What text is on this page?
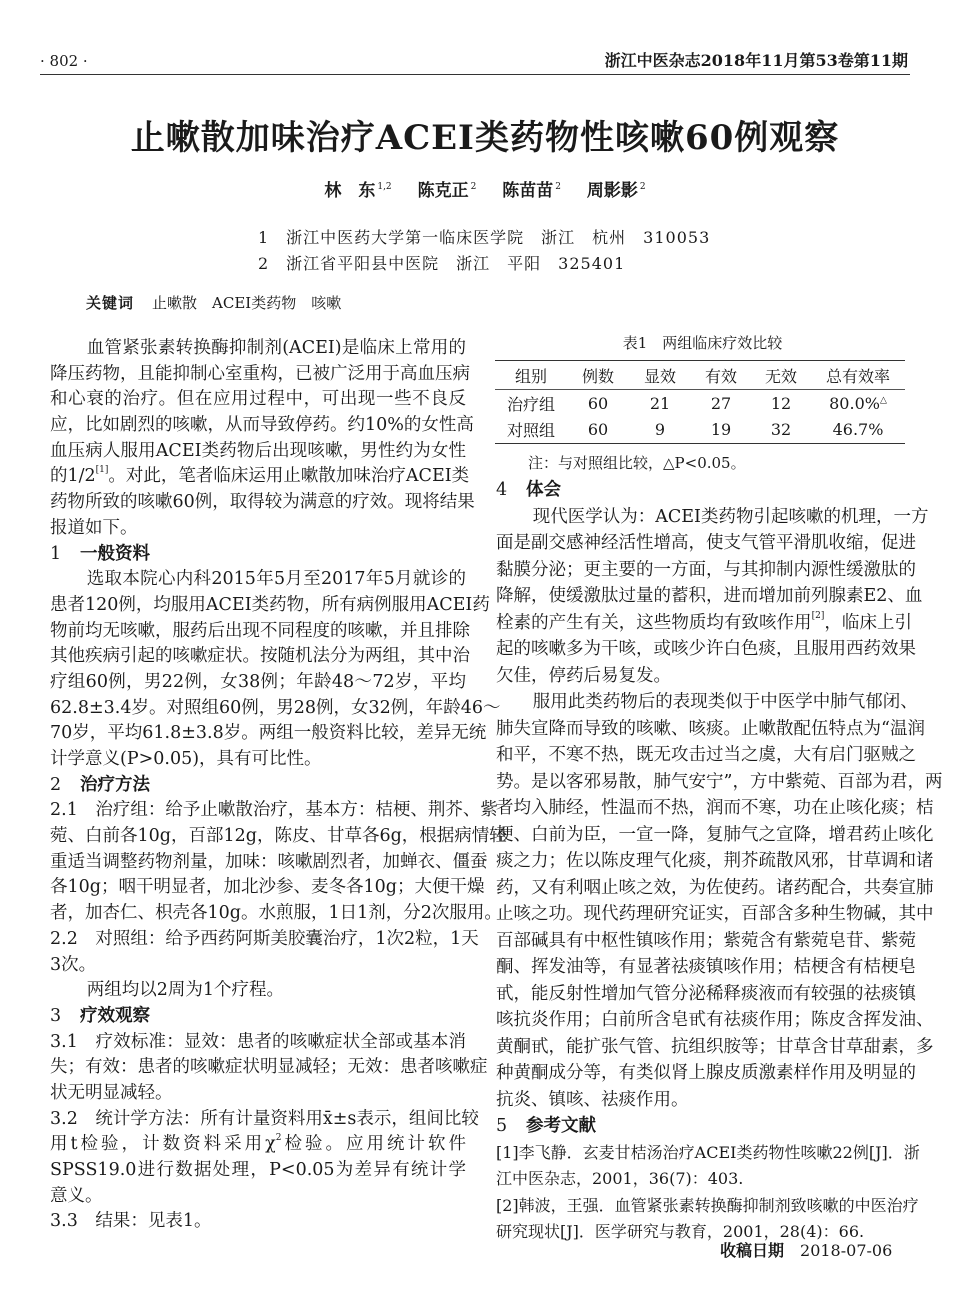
· 802 ·	浙江中医杂志2018年11月第53卷第11期
止嗽散加味治疗ACEI类药物性咳嗽60例观察
林　东 $^{1,2}$ 陈克正 $^2$ 陈苗苗 $^2$ 周影影 $^2$
1　浙江中医药大学第一临床医学院　浙江　杭州　310053
2　浙江省平阳县中医院　浙江　平阳　325401
关键词 止嗽散　ACEI类药物　咳嗽
血管紧张素转换酶抑制剂(ACEI)是临床上常用的
降压药物，且能抑制心室重构，已被广泛用于高血压病
和心衰的治疗。但在应用过程中，可出现一些不良反
应，比如剧烈的咳嗽，从而导致停药。约10%的女性高
血压病人服用ACEI类药物后出现咳嗽，男性约为女性
的1/2[1]。对此，笔者临床运用止嗽散加味治疗ACEI类
药物所致的咳嗽60例，取得较为满意的疗效。现将结果
报道如下。
1 一般资料
选取本院心内科2015年5月至2017年5月就诊的
患者120例，均服用ACEI类药物，所有病例服用ACEI药
物前均无咳嗽，服药后出现不同程度的咳嗽，并且排除
其他疾病引起的咳嗽症状。按随机法分为两组，其中治
疗组60例，男22例，女38例；年龄48～72岁，平均
62.8±3.4岁。对照组60例，男28例，女32例，年龄46～
70岁，平均61.8±3.8岁。两组一般资料比较，差异无统
计学意义(P>0.05)，具有可比性。
2 治疗方法
2.1　治疗组：给予止嗽散治疗，基本方：桔梗、荆芥、紫
菀、白前各10g，百部12g，陈皮、甘草各6g，根据病情轻
重适当调整药物剂量，加味：咳嗽剧烈者，加蝉衣、僵蚕
各10g；咽干明显者，加北沙参、麦冬各10g；大便干燥
者，加杏仁、枳壳各10g。水煎服，1日1剂，分2次服用。
2.2　对照组：给予西药阿斯美胶囊治疗，1次2粒，1天
3次。
两组均以2周为1个疗程。
3 疗效观察
3.1　疗效标准：显效：患者的咳嗽症状全部或基本消
失；有效：患者的咳嗽症状明显减轻；无效：患者咳嗽症
状无明显减轻。
3.2　统计学方法：所有计量资料用x̄±s表示，组间比较
用t检验，计数资料采用$\chi^2$检验。应用统计软件
SPSS19.0进行数据处理，P<0.05为差异有统计学
意义。
3.3　结果：见表1。
表1　两组临床疗效比较
组别	例数	显效	有效	无效	总有效率
治疗组	60	21	27	12	80.0%△
对照组	60	9	19	32	46.7%
注：与对照组比较，△P<0.05。
4 体会
现代医学认为：ACEI类药物引起咳嗽的机理，一方
面是副交感神经活性增高，使支气管平滑肌收缩，促进
黏膜分泌；更主要的一方面，与其抑制内源性缓激肽的
降解，使缓激肽过量的蓄积，进而增加前列腺素E2、血
栓素的产生有关，这些物质均有致咳作用[2]，临床上引
起的咳嗽多为干咳，或咳少许白色痰，且服用西药效果
欠佳，停药后易复发。
服用此类药物后的表现类似于中医学中肺气郁闭、
肺失宣降而导致的咳嗽、咳痰。止嗽散配伍特点为“温润
和平，不寒不热，既无攻击过当之虞，大有启门驱贼之
势。是以客邪易散，肺气安宁”，方中紫菀、百部为君，两
者均入肺经，性温而不热，润而不寒，功在止咳化痰；桔
梗、白前为臣，一宣一降，复肺气之宣降，增君药止咳化
痰之力；佐以陈皮理气化痰，荆芥疏散风邪，甘草调和诸
药，又有利咽止咳之效，为佐使药。诸药配合，共奏宣肺
止咳之功。现代药理研究证实，百部含多种生物碱，其中
百部碱具有中枢性镇咳作用；紫菀含有紫菀皂苷、紫菀
酮、挥发油等，有显著祛痰镇咳作用；桔梗含有桔梗皂
甙，能反射性增加气管分泌稀释痰液而有较强的祛痰镇
咳抗炎作用；白前所含皂甙有祛痰作用；陈皮含挥发油、
黄酮甙，能扩张气管、抗组织胺等；甘草含甘草甜素，多
种黄酮成分等，有类似肾上腺皮质激素样作用及明显的
抗炎、镇咳、祛痰作用。
5 参考文献
[1]李飞静．玄麦甘桔汤治疗ACEI类药物性咳嗽22例[J]．浙
江中医杂志，2001，36(7)：403.
[2]韩波，王强．血管紧张素转换酶抑制剂致咳嗽的中医治疗
研究现状[J]．医学研究与教育，2001，28(4)：66.
收稿日期 2018-07-06
